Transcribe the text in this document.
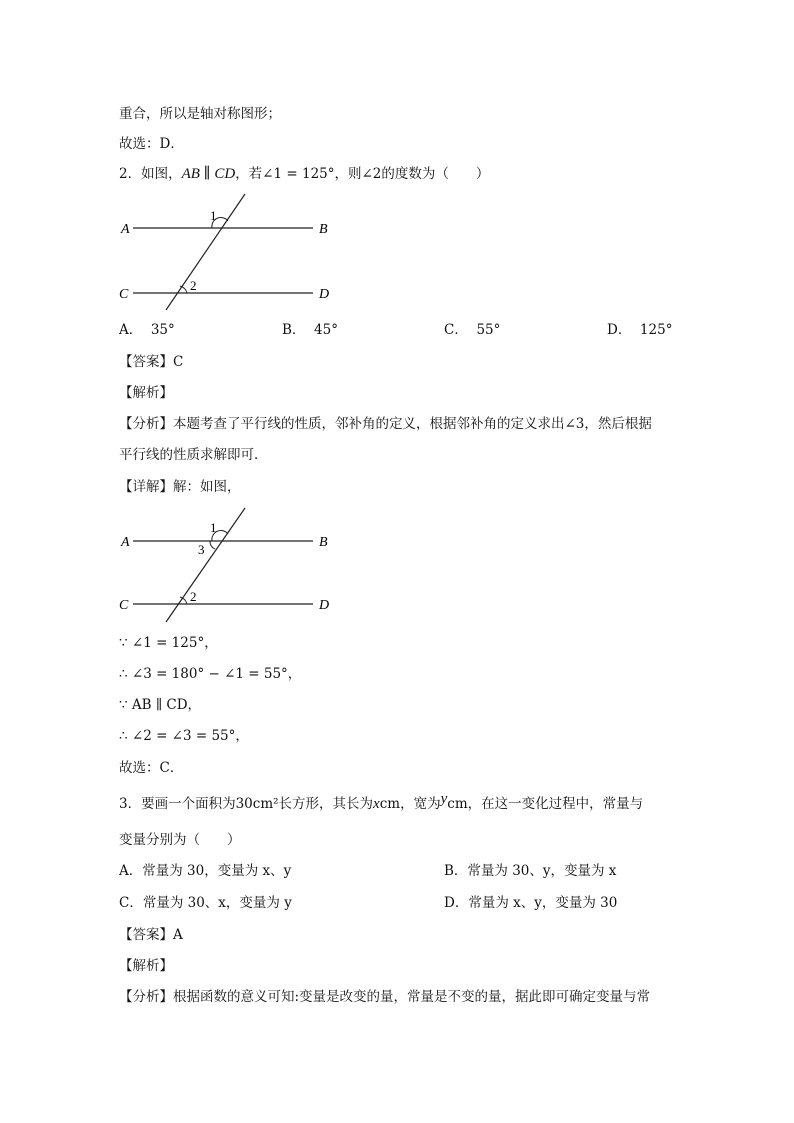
重合，所以是轴对称图形；
故选：D．
2．如图，AB ∥ CD，若∠1 = 125°，则∠2的度数为（　　）
A	B
C	D
1
2
A． 35°	B． 45°	C． 55°	D． 125°
【答案】C
【解析】
【分析】本题考查了平行线的性质，邻补角的定义，根据邻补角的定义求出∠3，然后根据
平行线的性质求解即可．
【详解】解：如图，
A	B
C	D
1
3
2
∵ ∠1 = 125°，
∴ ∠3 = 180° − ∠1 = 55°，
∵ AB ∥ CD，
∴ ∠2 = ∠3 = 55°，
故选：C．
3．要画一个面积为30cm²长方形，其长为xcm，宽为ycm，在这一变化过程中，常量与
变量分别为（　　）
A．常量为 30，变量为 x、y	B．常量为 30、y，变量为 x
C．常量为 30、x，变量为 y	D．常量为 x、y，变量为 30
【答案】A
【解析】
【分析】根据函数的意义可知:变量是改变的量，常量是不变的量，据此即可确定变量与常
